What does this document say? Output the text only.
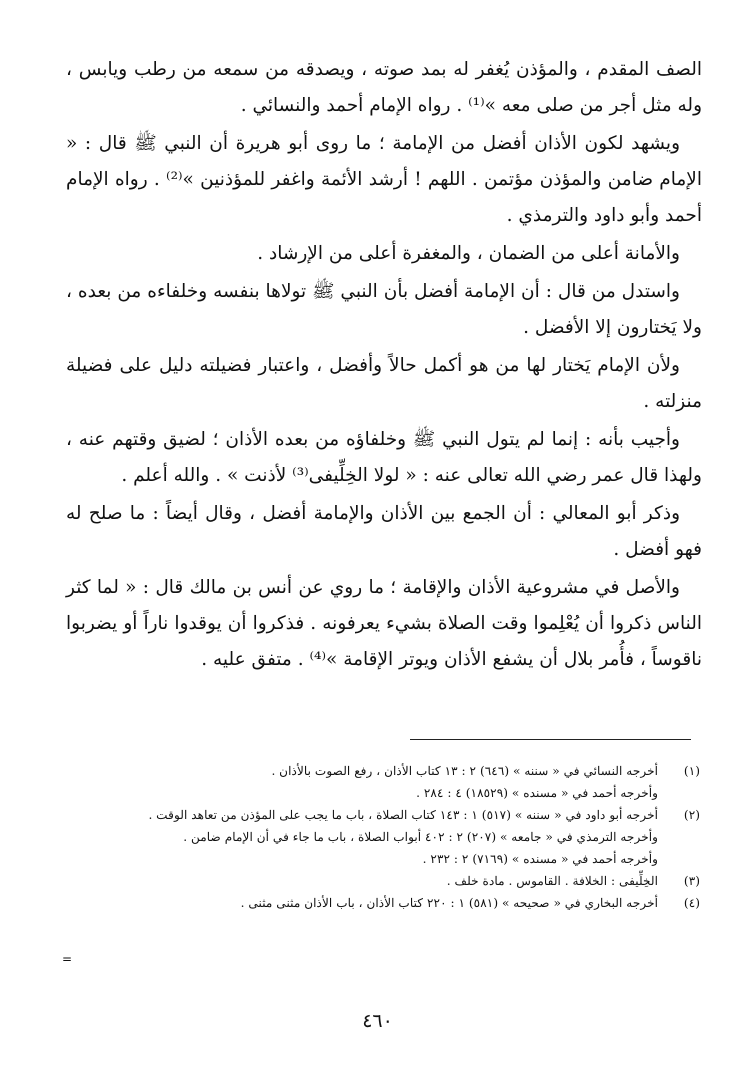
الصف المقدم ، والمؤذن يُغفر له بمد صوته ، ويصدقه من سمعه من رطب ويابس ، وله مثل أجر من صلى معه »⁽¹⁾ . رواه الإمام أحمد والنسائي .

ويشهد لكون الأذان أفضل من الإمامة ؛ ما روى أبو هريرة أن النبي ﷺ قال : « الإمام ضامن والمؤذن مؤتمن . اللهم ! أرشد الأئمة واغفر للمؤذنين »⁽²⁾ . رواه الإمام أحمد وأبو داود والترمذي .

والأمانة أعلى من الضمان ، والمغفرة أعلى من الإرشاد .

واستدل من قال : أن الإمامة أفضل بأن النبي ﷺ تولاها بنفسه وخلفاءه من بعده ، ولا يَختارون إلا الأفضل .

ولأن الإمام يَختار لها من هو أكمل حالاً وأفضل ، واعتبار فضيلته دليل على فضيلة منزلته .

وأجيب بأنه : إنما لم يتول النبي ﷺ وخلفاؤه من بعده الأذان ؛ لضيق وقتهم عنه ، ولهذا قال عمر رضي الله تعالى عنه : « لولا الخِلِّيفى⁽³⁾ لأذنت » . والله أعلم .

وذكر أبو المعالي : أن الجمع بين الأذان والإمامة أفضل ، وقال أيضاً : ما صلح له فهو أفضل .

والأصل في مشروعية الأذان والإقامة ؛ ما روي عن أنس بن مالك قال : « لما كثر الناس ذكروا أن يُعْلِموا وقت الصلاة بشيء يعرفونه . فذكروا أن يوقدوا ناراً أو يضربوا ناقوساً ، فأُمر بلال أن يشفع الأذان ويوتر الإقامة »⁽⁴⁾ . متفق عليه .

(١)
أخرجه النسائي في « سننه » (٦٤٦) ٢ : ١٣ كتاب الأذان ، رفع الصوت بالأذان .
وأخرجه أحمد في « مسنده » (١٨٥٢٩) ٤ : ٢٨٤ .
(٢)
أخرجه أبو داود في « سننه » (٥١٧) ١ : ١٤٣ كتاب الصلاة ، باب ما يجب على المؤذن من تعاهد الوقت .
وأخرجه الترمذي في « جامعه » (٢٠٧) ٢ : ٤٠٢ أبواب الصلاة ، باب ما جاء في أن الإمام ضامن .
وأخرجه أحمد في « مسنده » (٧١٦٩) ٢ : ٢٣٢ .
(٣)
الخِلِّيفى : الخلافة . القاموس . مادة خلف .
(٤)
أخرجه البخاري في « صحيحه » (٥٨١) ١ : ٢٢٠ كتاب الأذان ، باب الأذان مثنى مثنى .
=
٤٦٠
